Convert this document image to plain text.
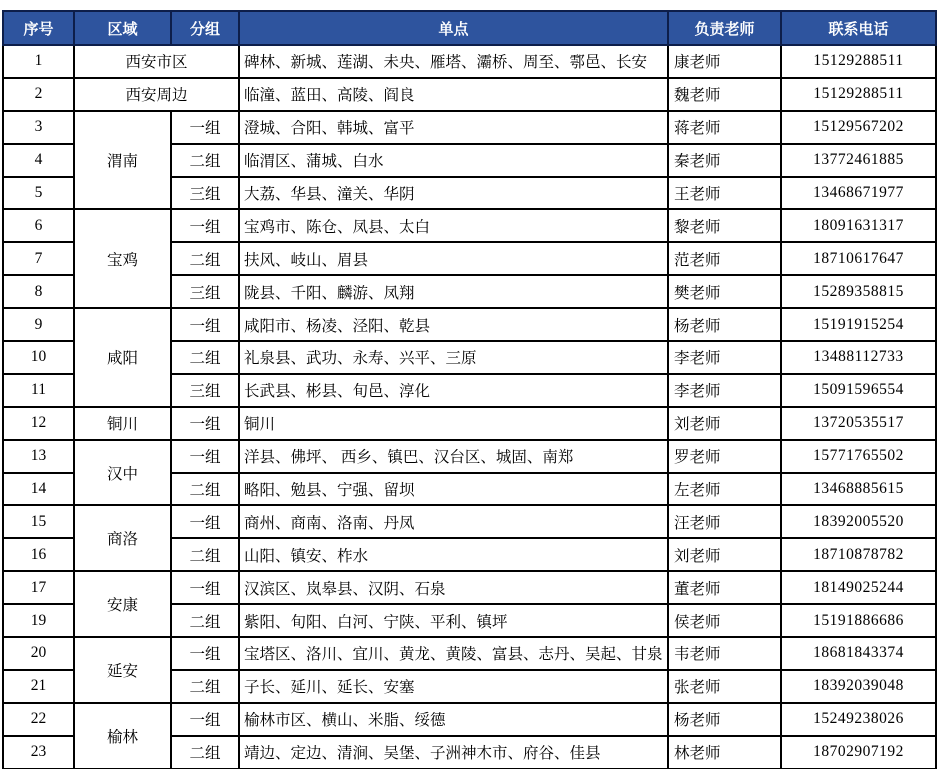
序号	区域	分组	单点	负责老师	联系电话
1	西安市区		碑林、新城、莲湖、未央、雁塔、灞桥、周至、鄠邑、长安	康老师	15129288511
2	西安周边		临潼、蓝田、高陵、阎良	魏老师	15129288511
3	渭南	一组	澄城、合阳、韩城、富平	蒋老师	15129567202
4		二组	临渭区、蒲城、白水	秦老师	13772461885
5		三组	大荔、华县、潼关、华阴	王老师	13468671977
6	宝鸡	一组	宝鸡市、陈仓、凤县、太白	黎老师	18091631317
7		二组	扶风、岐山、眉县	范老师	18710617647
8		三组	陇县、千阳、麟游、凤翔	樊老师	15289358815
9	咸阳	一组	咸阳市、杨凌、泾阳、乾县	杨老师	15191915254
10		二组	礼泉县、武功、永寿、兴平、三原	李老师	13488112733
11		三组	长武县、彬县、旬邑、淳化	李老师	15091596554
12	铜川	一组	铜川	刘老师	13720535517
13	汉中	一组	洋县、佛坪、 西乡、镇巴、汉台区、城固、南郑	罗老师	15771765502
14		二组	略阳、勉县、宁强、留坝	左老师	13468885615
15	商洛	一组	商州、商南、洛南、丹凤	汪老师	18392005520
16		二组	山阳、镇安、柞水	刘老师	18710878782
17	安康	一组	汉滨区、岚皋县、汉阴、石泉	董老师	18149025244
19		二组	紫阳、旬阳、白河、宁陕、平利、镇坪	侯老师	15191886686
20	延安	一组	宝塔区、洛川、宜川、黄龙、黄陵、富县、志丹、吴起、甘泉	韦老师	18681843374
21		二组	子长、延川、延长、安塞	张老师	18392039048
22	榆林	一组	榆林市区、横山、米脂、绥德	杨老师	15249238026
23		二组	靖边、定边、清涧、吴堡、子洲神木市、府谷、佳县	林老师	18702907192
